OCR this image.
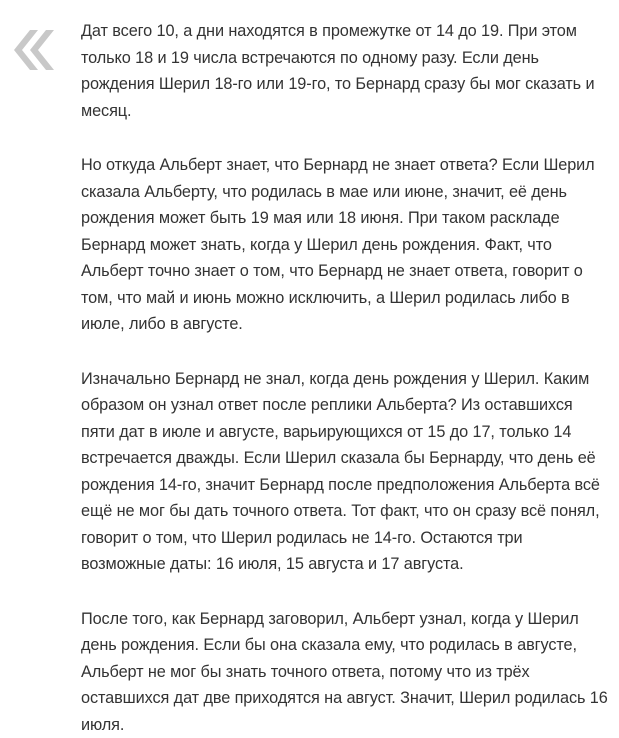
Дат всего 10, а дни находятся в промежутке от 14 до 19. При этом только 18 и 19 числа встречаются по одному разу. Если день рождения Шерил 18-го или 19-го, то Бернард сразу бы мог сказать и месяц.

Но откуда Альберт знает, что Бернард не знает ответа? Если Шерил сказала Альберту, что родилась в мае или июне, значит, её день рождения может быть 19 мая или 18 июня. При таком раскладе Бернард может знать, когда у Шерил день рождения. Факт, что Альберт точно знает о том, что Бернард не знает ответа, говорит о том, что май и июнь можно исключить, а Шерил родилась либо в июле, либо в августе.

Изначально Бернард не знал, когда день рождения у Шерил. Каким образом он узнал ответ после реплики Альберта? Из оставшихся пяти дат в июле и августе, варьирующихся от 15 до 17, только 14 встречается дважды. Если Шерил сказала бы Бернарду, что день её рождения 14-го, значит Бернард после предположения Альберта всё ещё не мог бы дать точного ответа. Тот факт, что он сразу всё понял, говорит о том, что Шерил родилась не 14-го. Остаются три возможные даты: 16 июля, 15 августа и 17 августа.

После того, как Бернард заговорил, Альберт узнал, когда у Шерил день рождения. Если бы она сказала ему, что родилась в августе, Альберт не мог бы знать точного ответа, потому что из трёх оставшихся дат две приходятся на август. Значит, Шерил родилась 16 июля.
